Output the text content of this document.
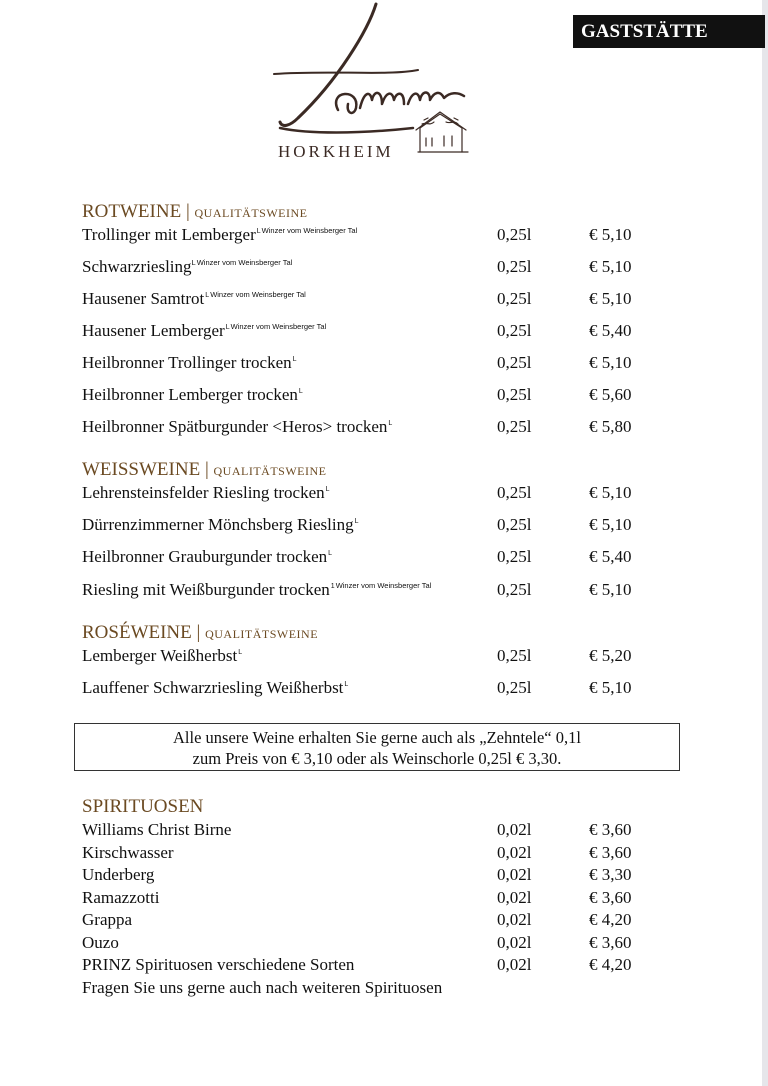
GASTSTÄTTE
HORKHEIM
ROTWEINE | QUALITÄTSWEINE
Trollinger mit Lemberger$^{LWinzer vom Weinsberger Tal}$	0,25l	€ 5,10
Schwarzriesling$^{LWinzer vom Weinsberger Tal}$	0,25l	€ 5,10
Hausener Samtrot$^{LWinzer vom Weinsberger Tal}$	0,25l	€ 5,10
Hausener Lemberger$^{LWinzer vom Weinsberger Tal}$	0,25l	€ 5,40
Heilbronner Trollinger trocken$^L$	0,25l	€ 5,10
Heilbronner Lemberger trocken$^L$	0,25l	€ 5,60
Heilbronner Spätburgunder <Heros> trocken$^L$	0,25l	€ 5,80
WEISSWEINE | QUALITÄTSWEINE
Lehrensteinsfelder Riesling trocken$^L$	0,25l	€ 5,10
Dürrenzimmerner Mönchsberg Riesling$^L$	0,25l	€ 5,10
Heilbronner Grauburgunder trocken$^L$	0,25l	€ 5,40
Riesling mit Weißburgunder trocken$^{1Winzer vom Weinsberger Tal}$	0,25l	€ 5,10
ROSÉWEINE | QUALITÄTSWEINE
Lemberger Weißherbst$^L$	0,25l	€ 5,20
Lauffener Schwarzriesling Weißherbst$^L$	0,25l	€ 5,10
Alle unsere Weine erhalten Sie gerne auch als „Zehntele“ 0,1l
zum Preis von € 3,10 oder als Weinschorle 0,25l € 3,30.
SPIRITUOSEN
Williams Christ Birne	0,02l	€ 3,60
Kirschwasser	0,02l	€ 3,60
Underberg	0,02l	€ 3,30
Ramazzotti	0,02l	€ 3,60
Grappa	0,02l	€ 4,20
Ouzo	0,02l	€ 3,60
PRINZ Spirituosen verschiedene Sorten	0,02l	€ 4,20
Fragen Sie uns gerne auch nach weiteren Spirituosen
